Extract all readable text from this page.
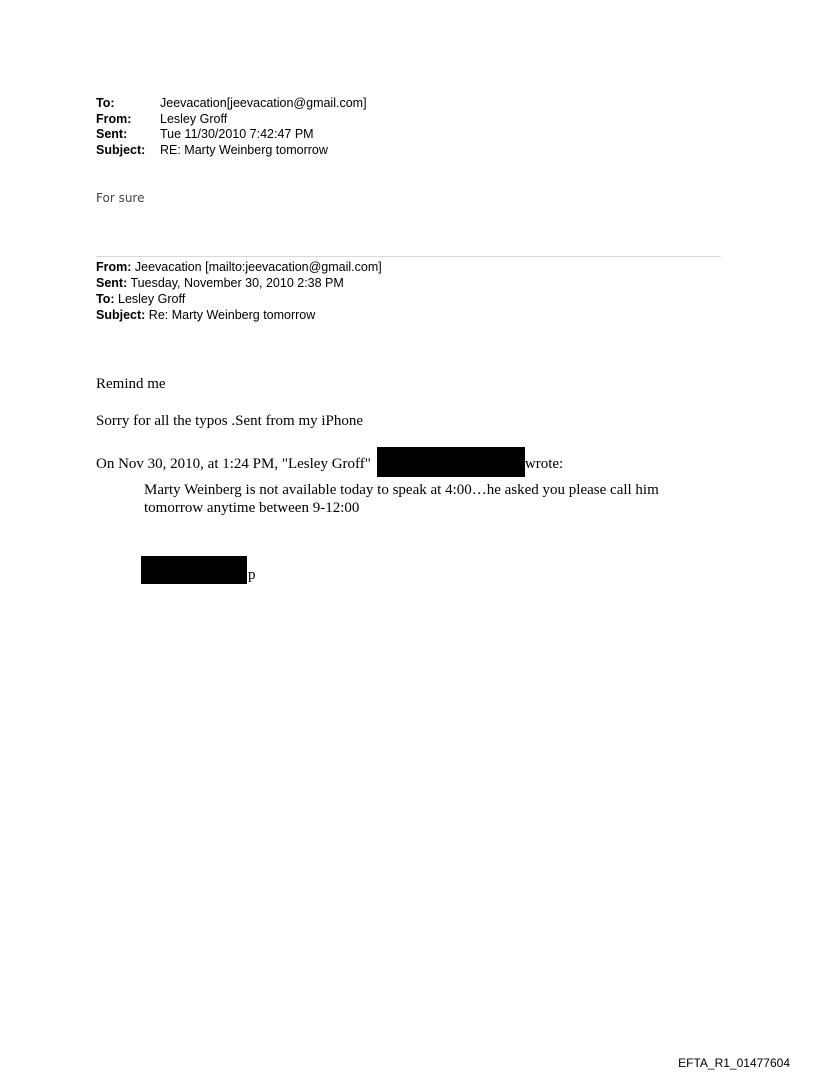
To:	Jeevacation[jeevacation@gmail.com]
From:	Lesley Groff
Sent:	Tue 11/30/2010 7:42:47 PM
Subject:	RE: Marty Weinberg tomorrow
For sure
From: Jeevacation [mailto:jeevacation@gmail.com]
Sent: Tuesday, November 30, 2010 2:38 PM
To: Lesley Groff
Subject: Re: Marty Weinberg tomorrow
Remind me
Sorry for all the typos .Sent from my iPhone
On Nov 30, 2010, at 1:24 PM, "Lesley Groff"	wrote:
Marty Weinberg is not available today to speak at 4:00…he asked you please call him tomorrow anytime between 9-12:00
p
EFTA_R1_01477604
